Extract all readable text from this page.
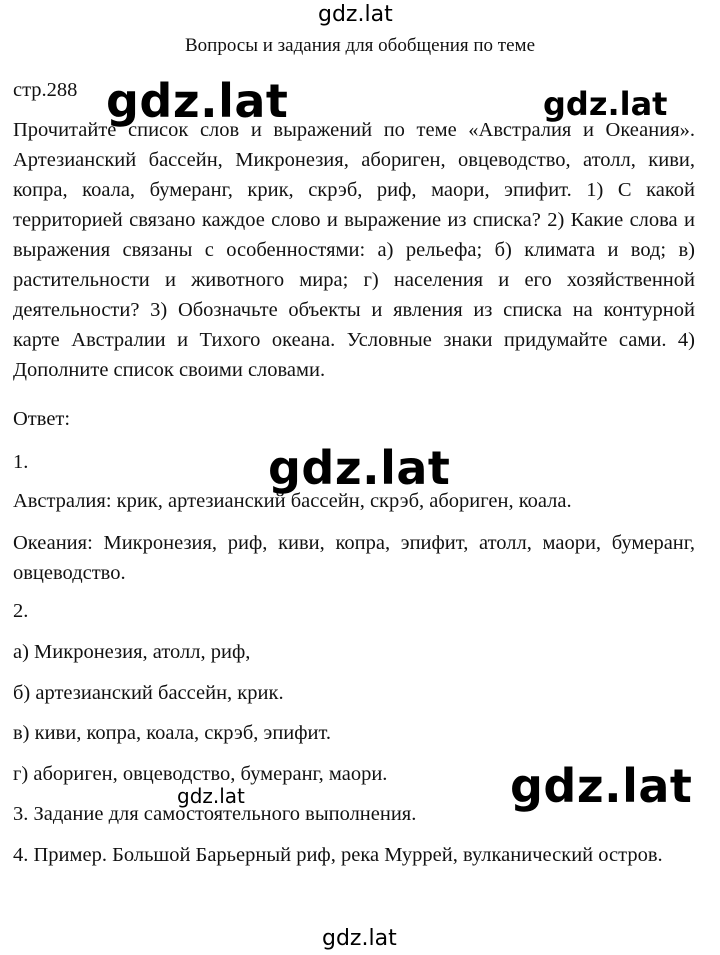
gdz.lat
Вопросы и задания для обобщения по теме

стр.288 gdz.lat	gdz.lat

Прочитайте список слов и выражений по теме «Австралия и Океания». Артезианский бассейн, Микронезия, абориген, овцеводство, атолл, киви, копра, коала, бумеранг, крик, скрэб, риф, маори, эпифит. 1) С какой территорией связано каждое слово и выражение из списка? 2) Какие слова и выражения связаны с особенностями: а) рельефа; б) климата и вод; в) растительности и животного мира; г) населения и его хозяйственной деятельности? 3) Обозначьте объекты и явления из списка на контурной карте Австралии и Тихого океана. Условные знаки придумайте сами. 4) Дополните список своими словами.

Ответ:

1.	gdz.lat

Австралия: крик, артезианский бассейн, скрэб, абориген, коала.

Океания: Микронезия, риф, киви, копра, эпифит, атолл, маори, бумеранг, овцеводство.

2.

а) Микронезия, атолл, риф,

б) артезианский бассейн, крик.

в) киви, копра, коала, скрэб, эпифит.

г) абориген, овцеводство, бумеранг, маори.	gdz.lat
gdz.lat

3. Задание для самостоятельного выполнения.

4. Пример. Большой Барьерный риф, река Муррей, вулканический остров.

gdz.lat
